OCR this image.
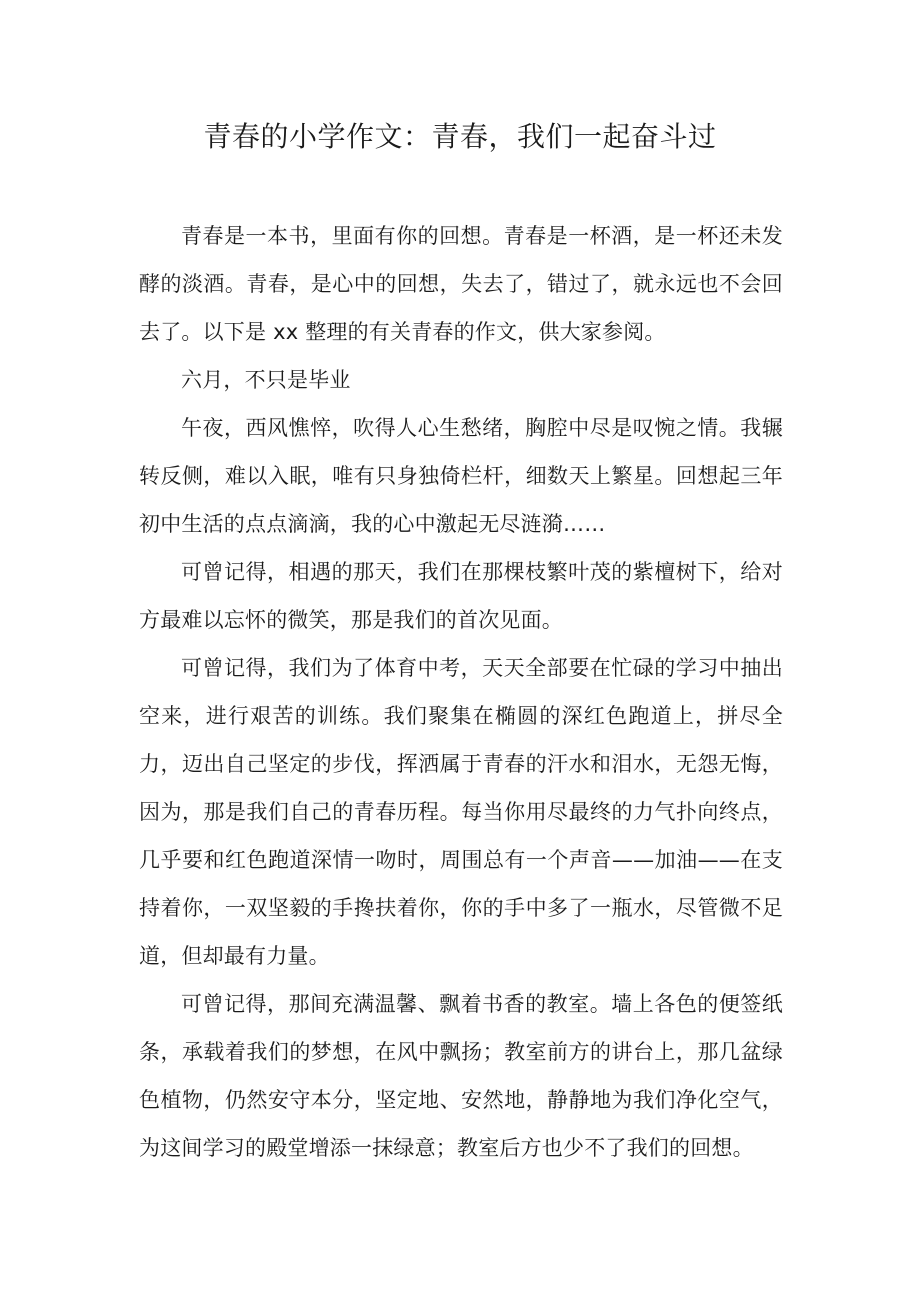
青春的小学作文：青春，我们一起奋斗过

青春是一本书，里面有你的回想。青春是一杯酒，是一杯还未发酵的淡酒。青春，是心中的回想，失去了，错过了，就永远也不会回去了。以下是 xx 整理的有关青春的作文，供大家参阅。

六月，不只是毕业

午夜，西风憔悴，吹得人心生愁绪，胸腔中尽是叹惋之情。我辗转反侧，难以入眠，唯有只身独倚栏杆，细数天上繁星。回想起三年初中生活的点点滴滴，我的心中激起无尽涟漪……

可曾记得，相遇的那天，我们在那棵枝繁叶茂的紫檀树下，给对方最难以忘怀的微笑，那是我们的首次见面。

可曾记得，我们为了体育中考，天天全部要在忙碌的学习中抽出空来，进行艰苦的训练。我们聚集在椭圆的深红色跑道上，拼尽全力，迈出自己坚定的步伐，挥洒属于青春的汗水和泪水，无怨无悔，因为，那是我们自己的青春历程。每当你用尽最终的力气扑向终点，几乎要和红色跑道深情一吻时，周围总有一个声音——加油——在支持着你，一双坚毅的手搀扶着你，你的手中多了一瓶水，尽管微不足道，但却最有力量。

可曾记得，那间充满温馨、飘着书香的教室。墙上各色的便签纸条，承载着我们的梦想，在风中飘扬；教室前方的讲台上，那几盆绿色植物，仍然安守本分，坚定地、安然地，静静地为我们净化空气，为这间学习的殿堂增添一抹绿意；教室后方也少不了我们的回想。
